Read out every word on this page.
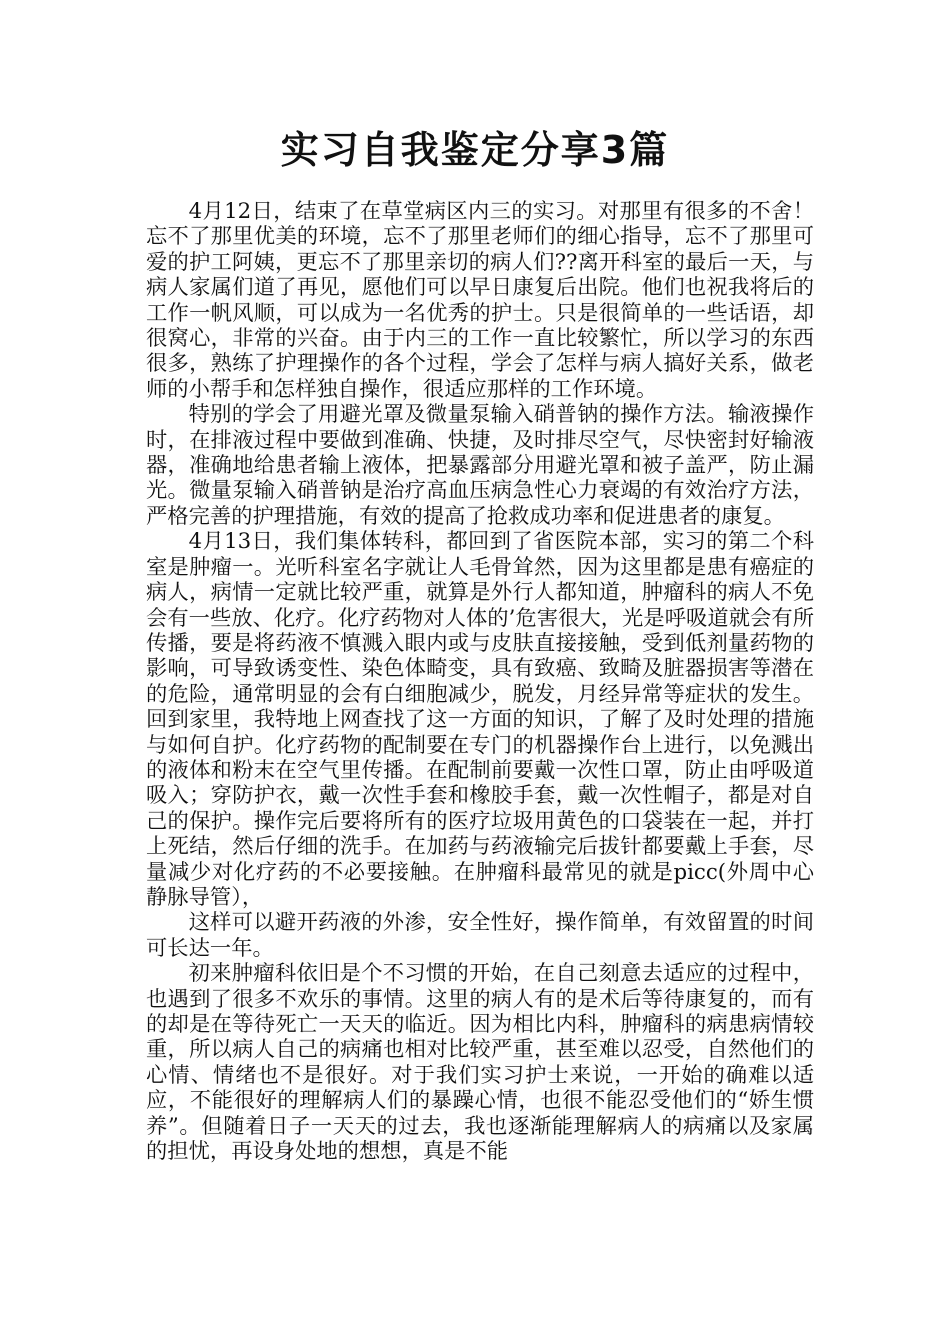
实习自我鉴定分享3篇

4月12日，结束了在草堂病区内三的实习。对那里有很多的不舍！忘不了那里优美的环境，忘不了那里老师们的细心指导，忘不了那里可爱的护工阿姨，更忘不了那里亲切的病人们??离开科室的最后一天，与病人家属们道了再见，愿他们可以早日康复后出院。他们也祝我将后的工作一帆风顺，可以成为一名优秀的护士。只是很简单的一些话语，却很窝心，非常的兴奋。由于内三的工作一直比较繁忙，所以学习的东西很多，熟练了护理操作的各个过程，学会了怎样与病人搞好关系，做老师的小帮手和怎样独自操作，很适应那样的工作环境。

特别的学会了用避光罩及微量泵输入硝普钠的操作方法。输液操作时，在排液过程中要做到准确、快捷，及时排尽空气，尽快密封好输液器，准确地给患者输上液体，把暴露部分用避光罩和被子盖严，防止漏光。微量泵输入硝普钠是治疗高血压病急性心力衰竭的有效治疗方法，严格完善的护理措施，有效的提高了抢救成功率和促进患者的康复。

4月13日，我们集体转科，都回到了省医院本部，实习的第二个科室是肿瘤一。光听科室名字就让人毛骨耸然，因为这里都是患有癌症的病人，病情一定就比较严重，就算是外行人都知道，肿瘤科的病人不免会有一些放、化疗。化疗药物对人体的’危害很大，光是呼吸道就会有所传播，要是将药液不慎溅入眼内或与皮肤直接接触，受到低剂量药物的影响，可导致诱变性、染色体畸变，具有致癌、致畸及脏器损害等潜在的危险，通常明显的会有白细胞减少，脱发，月经异常等症状的发生。回到家里，我特地上网查找了这一方面的知识，了解了及时处理的措施与如何自护。化疗药物的配制要在专门的机器操作台上进行，以免溅出的液体和粉末在空气里传播。在配制前要戴一次性口罩，防止由呼吸道吸入；穿防护衣，戴一次性手套和橡胶手套，戴一次性帽子，都是对自己的保护。操作完后要将所有的医疗垃圾用黄色的口袋装在一起，并打上死结，然后仔细的洗手。在加药与药液输完后拔针都要戴上手套，尽量减少对化疗药的不必要接触。在肿瘤科最常见的就是picc(外周中心静脉导管），

这样可以避开药液的外渗，安全性好，操作简单，有效留置的时间可长达一年。

初来肿瘤科依旧是个不习惯的开始，在自己刻意去适应的过程中，也遇到了很多不欢乐的事情。这里的病人有的是术后等待康复的，而有的却是在等待死亡一天天的临近。因为相比内科，肿瘤科的病患病情较重，所以病人自己的病痛也相对比较严重，甚至难以忍受，自然他们的心情、情绪也不是很好。对于我们实习护士来说，一开始的确难以适应，不能很好的理解病人们的暴躁心情，也很不能忍受他们的“娇生惯养”。但随着日子一天天的过去，我也逐渐能理解病人的病痛以及家属的担忧，再设身处地的想想，真是不能
